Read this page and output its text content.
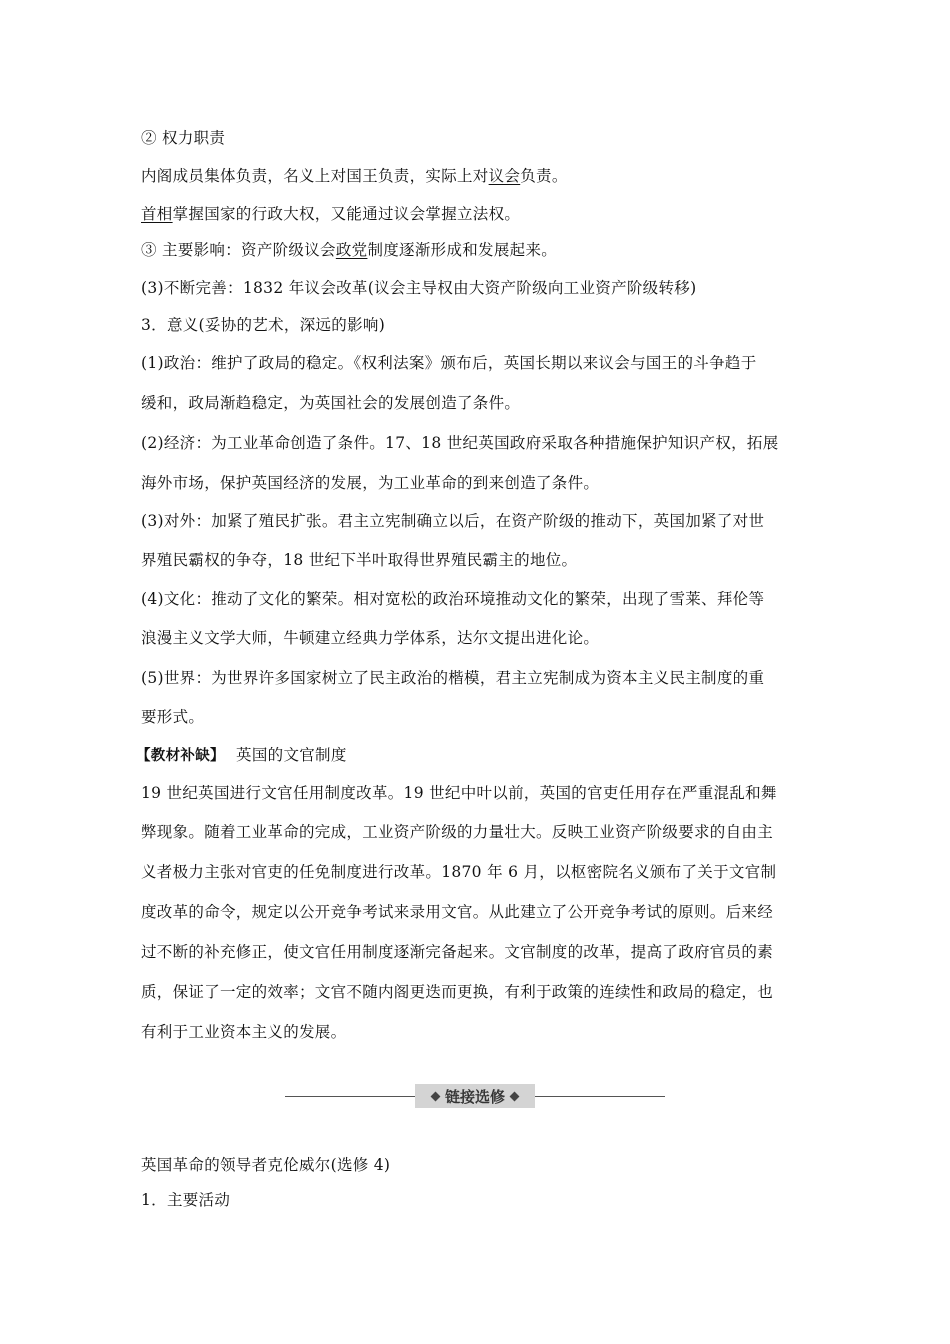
② 权力职责
内阁成员集体负责，名义上对国王负责，实际上对议会负责。
首相掌握国家的行政大权，又能通过议会掌握立法权。
③ 主要影响：资产阶级议会政党制度逐渐形成和发展起来。
(3)不断完善：1832 年议会改革(议会主导权由大资产阶级向工业资产阶级转移)
3．意义(妥协的艺术，深远的影响)
(1)政治：维护了政局的稳定。《权利法案》颁布后，英国长期以来议会与国王的斗争趋于
缓和，政局渐趋稳定，为英国社会的发展创造了条件。
(2)经济：为工业革命创造了条件。17、18 世纪英国政府采取各种措施保护知识产权，拓展
海外市场，保护英国经济的发展，为工业革命的到来创造了条件。
(3)对外：加紧了殖民扩张。君主立宪制确立以后，在资产阶级的推动下，英国加紧了对世
界殖民霸权的争夺，18 世纪下半叶取得世界殖民霸主的地位。
(4)文化：推动了文化的繁荣。相对宽松的政治环境推动文化的繁荣，出现了雪莱、拜伦等
浪漫主义文学大师，牛顿建立经典力学体系，达尔文提出进化论。
(5)世界：为世界许多国家树立了民主政治的楷模，君主立宪制成为资本主义民主制度的重
要形式。
【教材补缺】 英国的文官制度
19 世纪英国进行文官任用制度改革。19 世纪中叶以前，英国的官吏任用存在严重混乱和舞
弊现象。随着工业革命的完成，工业资产阶级的力量壮大。反映工业资产阶级要求的自由主
义者极力主张对官吏的任免制度进行改革。1870 年 6 月，以枢密院名义颁布了关于文官制
度改革的命令，规定以公开竞争考试来录用文官。从此建立了公开竞争考试的原则。后来经
过不断的补充修正，使文官任用制度逐渐完备起来。文官制度的改革，提高了政府官员的素
质，保证了一定的效率；文官不随内阁更迭而更换，有利于政策的连续性和政局的稳定，也
有利于工业资本主义的发展。
链接选修
英国革命的领导者克伦威尔(选修 4)
1．主要活动
